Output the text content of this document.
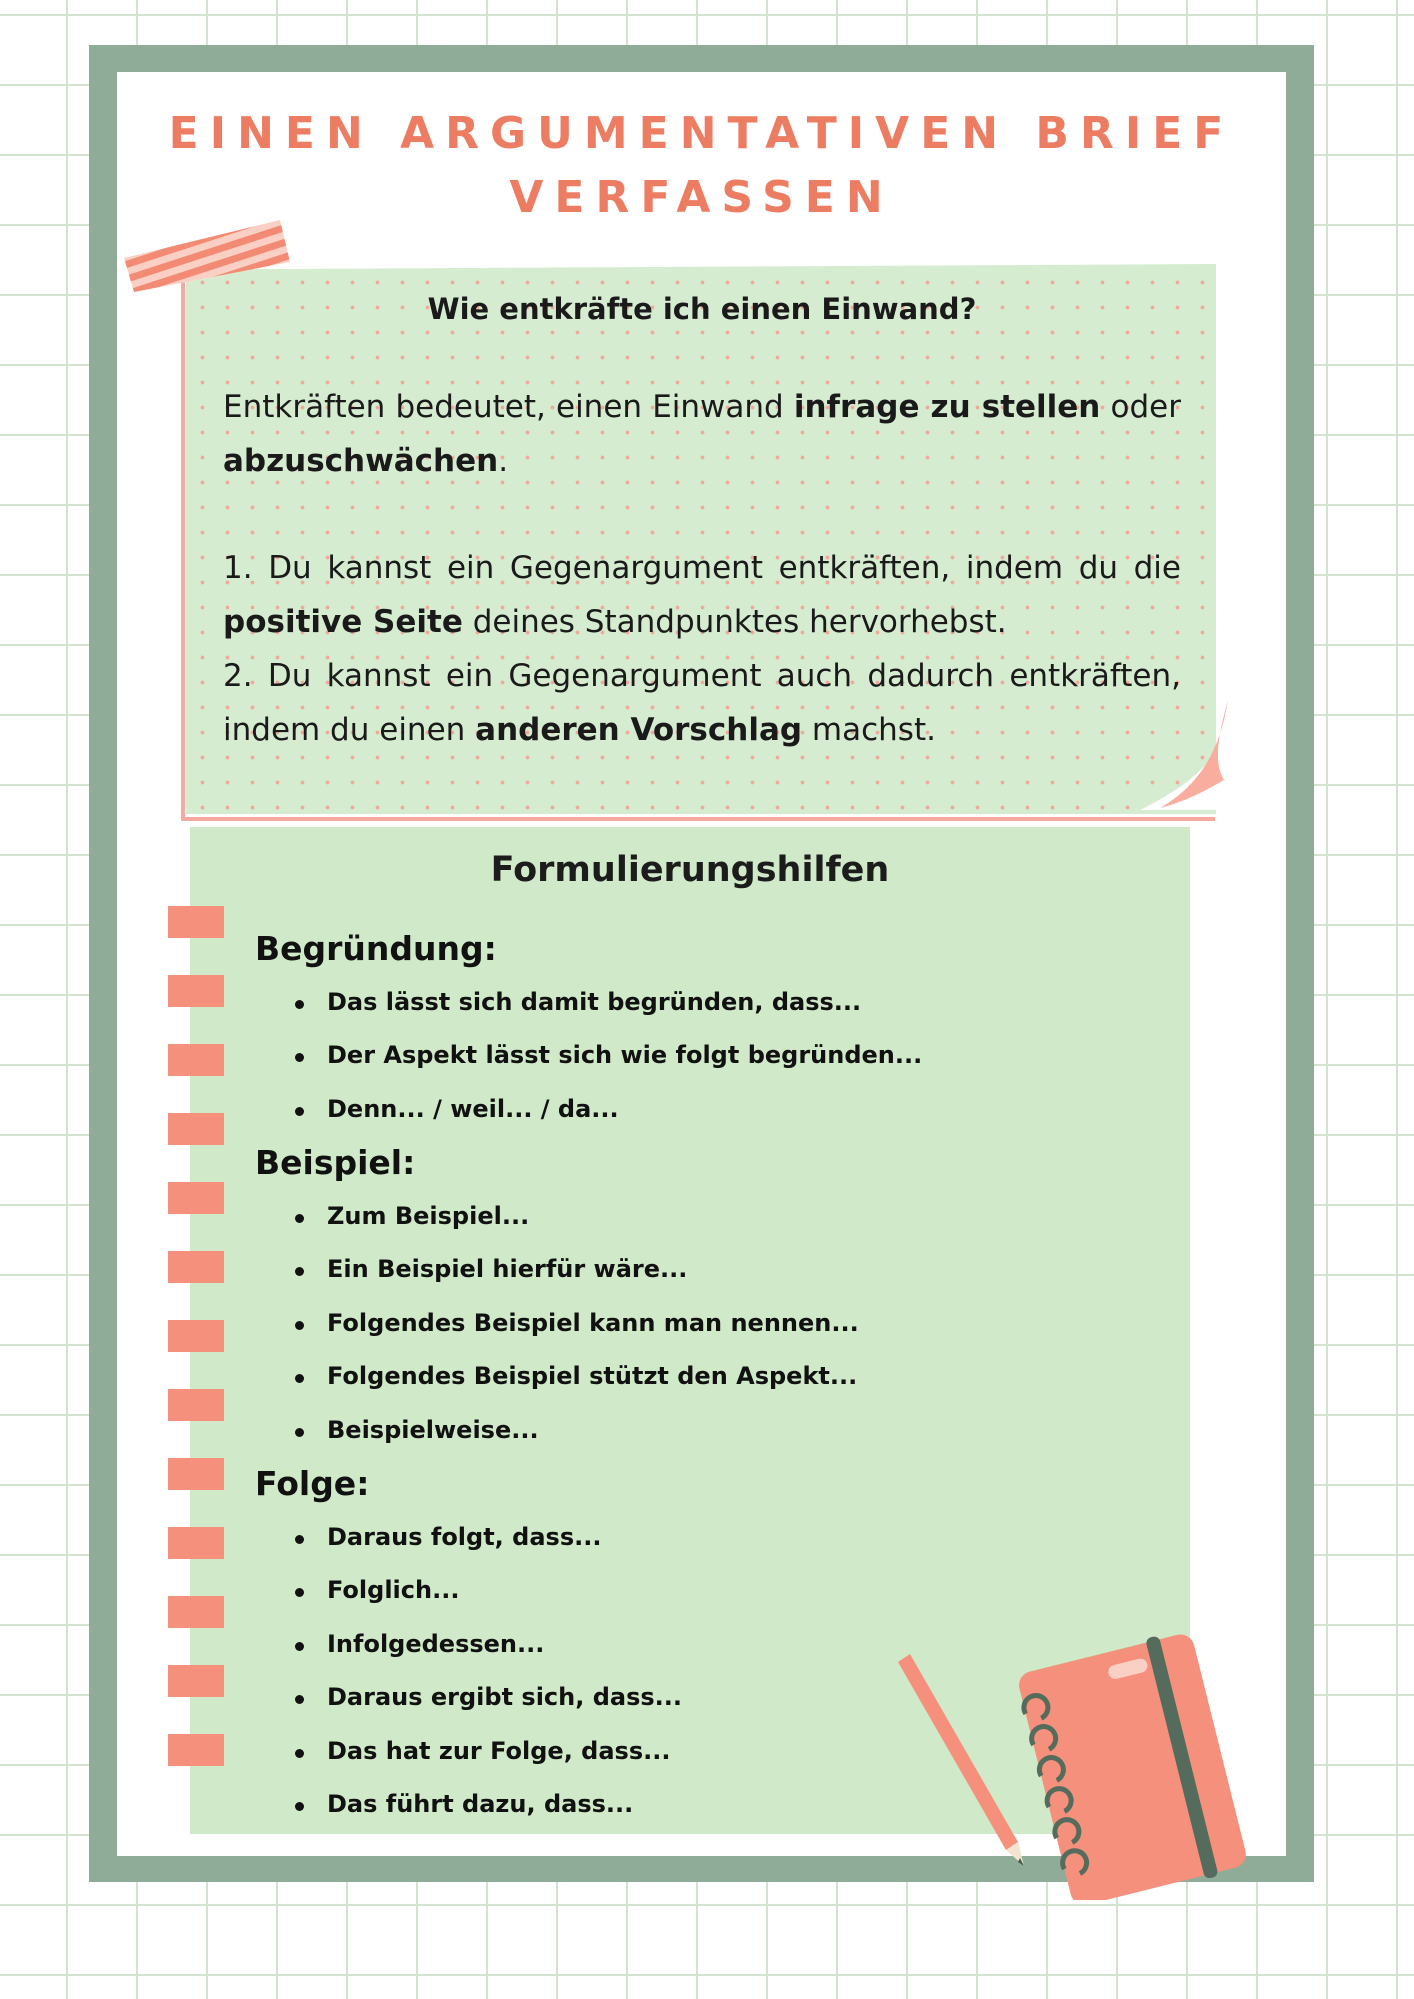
EINEN ARGUMENTATIVEN BRIEF
VERFASSEN

Wie entkräfte ich einen Einwand?

Entkräften bedeutet, einen Einwand infrage zu stellen oder abzuschwächen.

1. Du kannst ein Gegenargument entkräften, indem du die positive Seite deines Standpunktes hervorhebst.

2. Du kannst ein Gegenargument auch dadurch entkräften, indem du einen anderen Vorschlag machst.

Formulierungshilfen
Begründung:
Das lässt sich damit begründen, dass...
Der Aspekt lässt sich wie folgt begründen...
Denn... / weil... / da...
Beispiel:
Zum Beispiel...
Ein Beispiel hierfür wäre...
Folgendes Beispiel kann man nennen...
Folgendes Beispiel stützt den Aspekt...
Beispielweise...
Folge:
Daraus folgt, dass...
Folglich...
Infolgedessen...
Daraus ergibt sich, dass...
Das hat zur Folge, dass...
Das führt dazu, dass...
